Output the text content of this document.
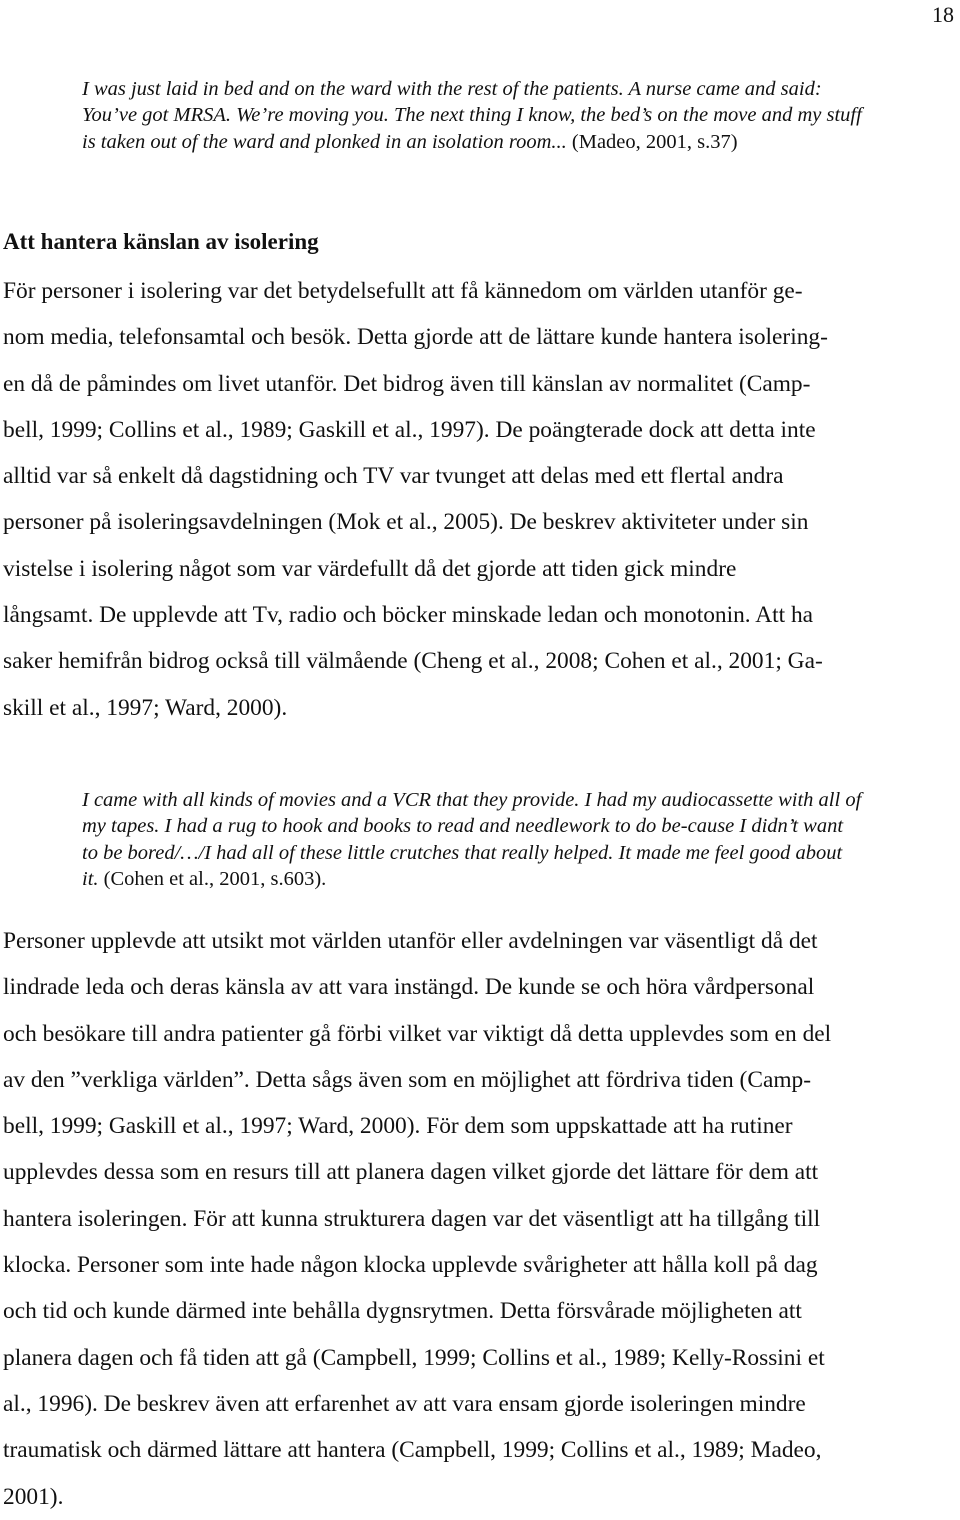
18

I was just laid in bed and on the ward with the rest of the patients. A nurse came and said: You’ve got MRSA. We’re moving you. The next thing I know, the bed’s on the move and my stuff is taken out of the ward and plonked in an isolation room... (Madeo, 2001, s.37)

Att hantera känslan av isolering

För personer i isolering var det betydelsefullt att få kännedom om världen utanför ge-
nom media, telefonsamtal och besök. Detta gjorde att de lättare kunde hantera isolering-
en då de påmindes om livet utanför. Det bidrog även till känslan av normalitet (Camp-
bell, 1999; Collins et al., 1989; Gaskill et al., 1997). De poängterade dock att detta inte
alltid var så enkelt då dagstidning och TV var tvunget att delas med ett flertal andra
personer på isoleringsavdelningen (Mok et al., 2005). De beskrev aktiviteter under sin
vistelse i isolering något som var värdefullt då det gjorde att tiden gick mindre
långsamt. De upplevde att Tv, radio och böcker minskade ledan och monotonin. Att ha
saker hemifrån bidrog också till välmående (Cheng et al., 2008; Cohen et al., 2001; Ga-
skill et al., 1997; Ward, 2000).

I came with all kinds of movies and a VCR that they provide. I had my audiocassette with all of my tapes. I had a rug to hook and books to read and needlework to do be-cause I didn’t want to be bored/…/I had all of these little crutches that really helped. It made me feel good about it. (Cohen et al., 2001, s.603).

Personer upplevde att utsikt mot världen utanför eller avdelningen var väsentligt då det
lindrade leda och deras känsla av att vara instängd. De kunde se och höra vårdpersonal
och besökare till andra patienter gå förbi vilket var viktigt då detta upplevdes som en del
av den ”verkliga världen”. Detta sågs även som en möjlighet att fördriva tiden (Camp-
bell, 1999; Gaskill et al., 1997; Ward, 2000). För dem som uppskattade att ha rutiner
upplevdes dessa som en resurs till att planera dagen vilket gjorde det lättare för dem att
hantera isoleringen. För att kunna strukturera dagen var det väsentligt att ha tillgång till
klocka. Personer som inte hade någon klocka upplevde svårigheter att hålla koll på dag
och tid och kunde därmed inte behålla dygnsrytmen. Detta försvårade möjligheten att
planera dagen och få tiden att gå (Campbell, 1999; Collins et al., 1989; Kelly-Rossini et
al., 1996). De beskrev även att erfarenhet av att vara ensam gjorde isoleringen mindre
traumatisk och därmed lättare att hantera (Campbell, 1999; Collins et al., 1989; Madeo,
2001).
